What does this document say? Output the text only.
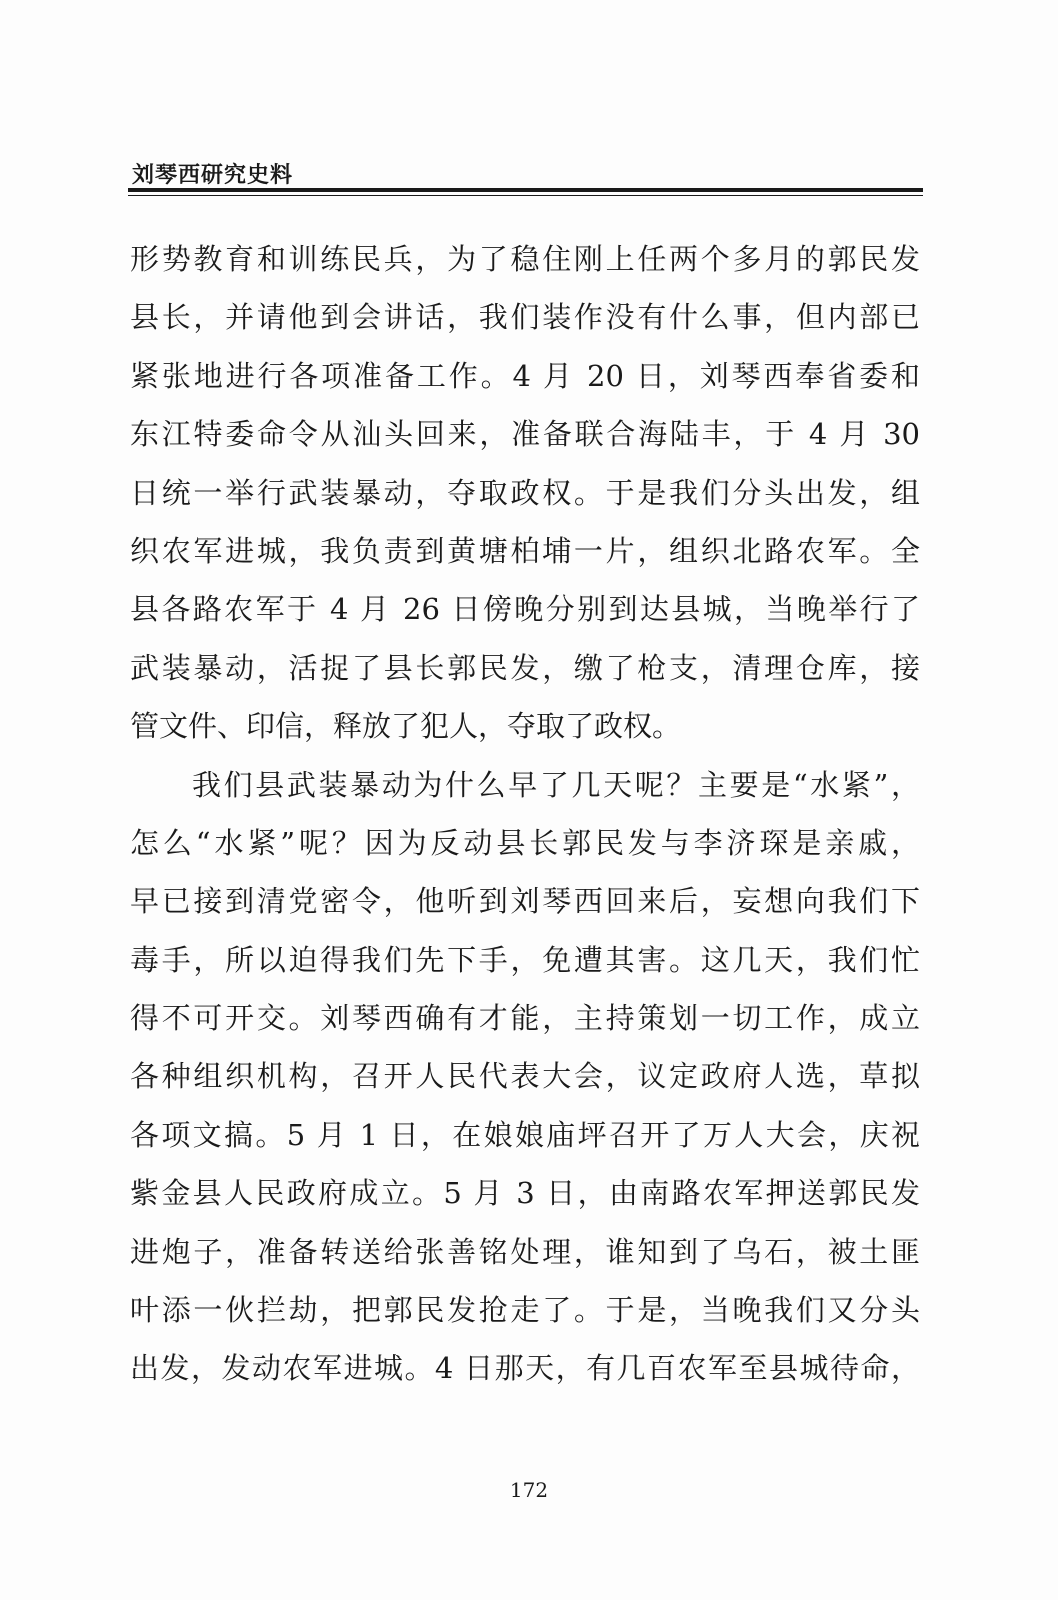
刘琴西研究史料
形势教育和训练民兵，为了稳住刚上任两个多月的郭民发
县长，并请他到会讲话，我们装作没有什么事，但内部已
紧张地进行各项准备工作。4 月 20 日，刘琴西奉省委和
东江特委命令从汕头回来，准备联合海陆丰，于 4 月 30
日统一举行武装暴动，夺取政权。于是我们分头出发，组
织农军进城，我负责到黄塘柏埔一片，组织北路农军。全
县各路农军于 4 月 26 日傍晚分别到达县城，当晚举行了
武装暴动，活捉了县长郭民发，缴了枪支，清理仓库，接
管文件、印信，释放了犯人，夺取了政权。
我们县武装暴动为什么早了几天呢？主要是“水紧”，
怎么“水紧”呢？因为反动县长郭民发与李济琛是亲戚，
早已接到清党密令，他听到刘琴西回来后，妄想向我们下
毒手，所以迫得我们先下手，免遭其害。这几天，我们忙
得不可开交。刘琴西确有才能，主持策划一切工作，成立
各种组织机构，召开人民代表大会，议定政府人选，草拟
各项文搞。5 月 1 日，在娘娘庙坪召开了万人大会，庆祝
紫金县人民政府成立。5 月 3 日，由南路农军押送郭民发
进炮子，准备转送给张善铭处理，谁知到了乌石，被土匪
叶添一伙拦劫，把郭民发抢走了。于是，当晚我们又分头
出发，发动农军进城。4 日那天，有几百农军至县城待命，
172
